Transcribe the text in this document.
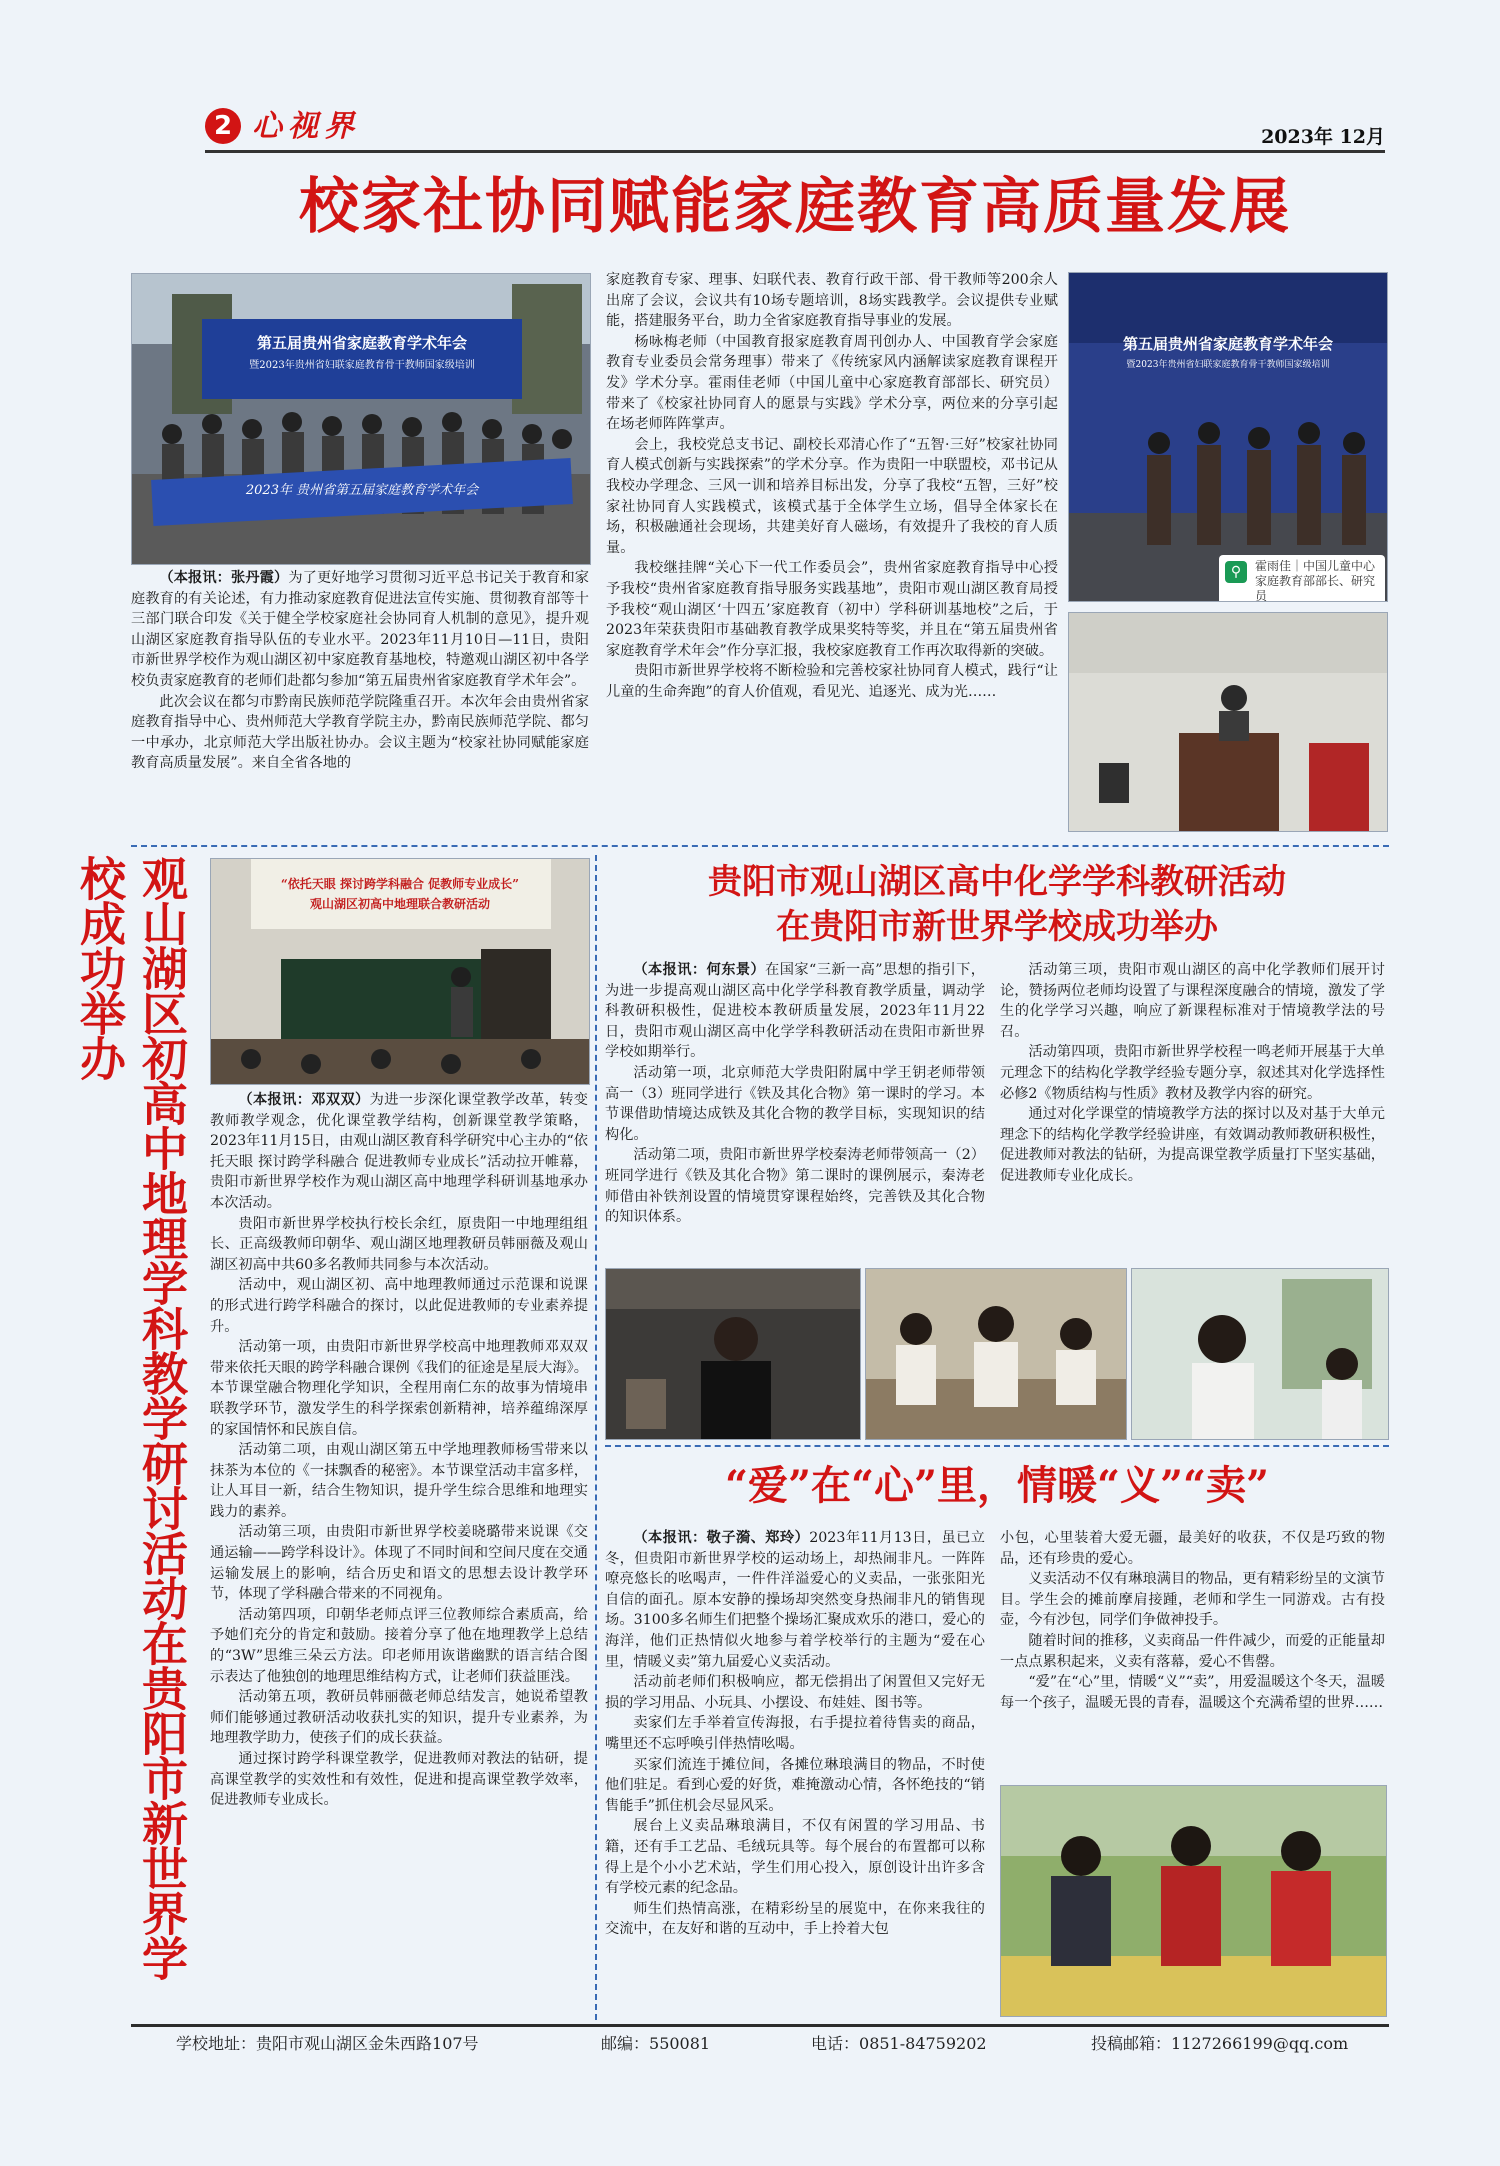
2 心视界	2023年 12月
校家社协同赋能家庭教育高质量发展
第五届贵州省家庭教育学术年会
暨2023年贵州省妇联家庭教育骨干教师国家级培训
2023年 贵州省第五届家庭教育学术年会

（本报讯：张丹霞）为了更好地学习贯彻习近平总书记关于教育和家庭教育的有关论述，有力推动家庭教育促进法宣传实施、贯彻教育部等十三部门联合印发《关于健全学校家庭社会协同育人机制的意见》，提升观山湖区家庭教育指导队伍的专业水平。2023年11月10日—11日，贵阳市新世界学校作为观山湖区初中家庭教育基地校，特邀观山湖区初中各学校负责家庭教育的老师们赴都匀参加“第五届贵州省家庭教育学术年会”。

此次会议在都匀市黔南民族师范学院隆重召开。本次年会由贵州省家庭教育指导中心、贵州师范大学教育学院主办，黔南民族师范学院、都匀一中承办，北京师范大学出版社协办。会议主题为“校家社协同赋能家庭教育高质量发展”。来自全省各地的

家庭教育专家、理事、妇联代表、教育行政干部、骨干教师等200余人出席了会议，会议共有10场专题培训，8场实践教学。会议提供专业赋能，搭建服务平台，助力全省家庭教育指导事业的发展。

杨咏梅老师（中国教育报家庭教育周刊创办人、中国教育学会家庭教育专业委员会常务理事）带来了《传统家风内涵解读家庭教育课程开发》学术分享。霍雨佳老师（中国儿童中心家庭教育部部长、研究员）带来了《校家社协同育人的愿景与实践》学术分享，两位来的分享引起在场老师阵阵掌声。

会上，我校党总支书记、副校长邓清心作了“五智·三好”校家社协同育人模式创新与实践探索”的学术分享。作为贵阳一中联盟校，邓书记从我校办学理念、三风一训和培养目标出发，分享了我校“五智，三好”校家社协同育人实践模式，该模式基于全体学生立场，倡导全体家长在场，积极融通社会现场，共建美好育人磁场，有效提升了我校的育人质量。

我校继挂牌“关心下一代工作委员会”，贵州省家庭教育指导中心授予我校“贵州省家庭教育指导服务实践基地”，贵阳市观山湖区教育局授予我校“观山湖区‘十四五’家庭教育（初中）学科研训基地校”之后，于2023年荣获贵阳市基础教育教学成果奖特等奖，并且在“第五届贵州省家庭教育学术年会”作分享汇报，我校家庭教育工作再次取得新的突破。

贵阳市新世界学校将不断检验和完善校家社协同育人模式，践行“让儿童的生命奔跑”的育人价值观，看见光、追逐光、成为光……

第五届贵州省家庭教育学术年会
暨2023年贵州省妇联家庭教育骨干教师国家级培训
⚲	霍雨佳｜中国儿童中心家庭教育部部长、研究员
观山湖区初高中地理学科教学研讨活动在贵阳市新世界学校成功举办	“依托天眼 探讨跨学科融合 促教师专业成长”
观山湖区初高中地理联合教研活动

（本报讯：邓双双）为进一步深化课堂教学改革，转变教师教学观念，优化课堂教学结构，创新课堂教学策略，2023年11月15日，由观山湖区教育科学研究中心主办的“依托天眼 探讨跨学科融合 促进教师专业成长”活动拉开帷幕，贵阳市新世界学校作为观山湖区高中地理学科研训基地承办本次活动。

贵阳市新世界学校执行校长余红，原贵阳一中地理组组长、正高级教师印朝华、观山湖区地理教研员韩丽薇及观山湖区初高中共60多名教师共同参与本次活动。

活动中，观山湖区初、高中地理教师通过示范课和说课的形式进行跨学科融合的探讨，以此促进教师的专业素养提升。

活动第一项，由贵阳市新世界学校高中地理教师邓双双带来依托天眼的跨学科融合课例《我们的征途是星辰大海》。本节课堂融合物理化学知识，全程用南仁东的故事为情境串联教学环节，激发学生的科学探索创新精神，培养蕴绵深厚的家国情怀和民族自信。

活动第二项，由观山湖区第五中学地理教师杨雪带来以抹茶为本位的《一抹飘香的秘密》。本节课堂活动丰富多样，让人耳目一新，结合生物知识，提升学生综合思维和地理实践力的素养。

活动第三项，由贵阳市新世界学校姜晓璐带来说课《交通运输——跨学科设计》。体现了不同时间和空间尺度在交通运输发展上的影响，结合历史和语文的思想去设计教学环节，体现了学科融合带来的不同视角。

活动第四项，印朝华老师点评三位教师综合素质高，给予她们充分的肯定和鼓励。接着分享了他在地理教学上总结的“3W”思维三朵云方法。印老师用诙谐幽默的语言结合图示表达了他独创的地理思维结构方式，让老师们获益匪浅。

活动第五项，教研员韩丽薇老师总结发言，她说希望教师们能够通过教研活动收获扎实的知识，提升专业素养，为地理教学助力，使孩子们的成长获益。

通过探讨跨学科课堂教学，促进教师对教法的钻研，提高课堂教学的实效性和有效性，促进和提高课堂教学效率，促进教师专业成长。

贵阳市观山湖区高中化学学科教研活动
在贵阳市新世界学校成功举办

（本报讯：何东景）在国家“三新一高”思想的指引下，为进一步提高观山湖区高中化学学科教育教学质量，调动学科教研积极性，促进校本教研质量发展，2023年11月22日，贵阳市观山湖区高中化学学科教研活动在贵阳市新世界学校如期举行。

活动第一项，北京师范大学贵阳附属中学王钥老师带领高一（3）班同学进行《铁及其化合物》第一课时的学习。本节课借助情境达成铁及其化合物的教学目标，实现知识的结构化。

活动第二项，贵阳市新世界学校秦涛老师带领高一（2）班同学进行《铁及其化合物》第二课时的课例展示，秦涛老师借由补铁剂设置的情境贯穿课程始终，完善铁及其化合物的知识体系。

活动第三项，贵阳市观山湖区的高中化学教师们展开讨论，赞扬两位老师均设置了与课程深度融合的情境，激发了学生的化学学习兴趣，响应了新课程标准对于情境教学法的号召。

活动第四项，贵阳市新世界学校程一鸣老师开展基于大单元理念下的结构化学教学经验专题分享，叙述其对化学选择性必修2《物质结构与性质》教材及教学内容的研究。

通过对化学课堂的情境教学方法的探讨以及对基于大单元理念下的结构化学教学经验讲座，有效调动教师教研积极性，促进教师对教法的钻研，为提高课堂教学质量打下坚实基础，促进教师专业化成长。

“爱”在“心”里，情暖“义”“卖”

（本报讯：敬子漪、郑玲）2023年11月13日，虽已立冬，但贵阳市新世界学校的运动场上，却热闹非凡。一阵阵嘹亮悠长的吆喝声，一件件洋溢爱心的义卖品，一张张阳光自信的面孔。原本安静的操场却突然变身热闹非凡的销售现场。3100多名师生们把整个操场汇聚成欢乐的港口，爱心的海洋，他们正热情似火地参与着学校举行的主题为“爱在心里，情暖义卖”第九届爱心义卖活动。

活动前老师们积极响应，都无偿捐出了闲置但又完好无损的学习用品、小玩具、小摆设、布娃娃、图书等。

卖家们左手举着宣传海报，右手提拉着待售卖的商品，嘴里还不忘呼唤引伴热情吆喝。

买家们流连于摊位间，各摊位琳琅满目的物品，不时使他们驻足。看到心爱的好货，难掩激动心情，各怀绝技的“销售能手”抓住机会尽显风采。

展台上义卖品琳琅满目，不仅有闲置的学习用品、书籍，还有手工艺品、毛绒玩具等。每个展台的布置都可以称得上是个小小艺术站，学生们用心投入，原创设计出许多含有学校元素的纪念品。

师生们热情高涨，在精彩纷呈的展览中，在你来我往的交流中，在友好和谐的互动中，手上拎着大包

小包，心里装着大爱无疆，最美好的收获，不仅是巧致的物品，还有珍贵的爱心。

义卖活动不仅有琳琅满目的物品，更有精彩纷呈的文演节目。学生会的摊前摩肩接踵，老师和学生一同游戏。古有投壶，今有沙包，同学们争做神投手。

随着时间的推移，义卖商品一件件减少，而爱的正能量却一点点累积起来，义卖有落幕，爱心不售罄。

“爱”在“心”里，情暖“义”“卖”，用爱温暖这个冬天，温暖每一个孩子，温暖无畏的青春，温暖这个充满希望的世界……

学校地址：贵阳市观山湖区金朱西路107号	邮编：550081	电话：0851-84759202	投稿邮箱：1127266199@qq.com
